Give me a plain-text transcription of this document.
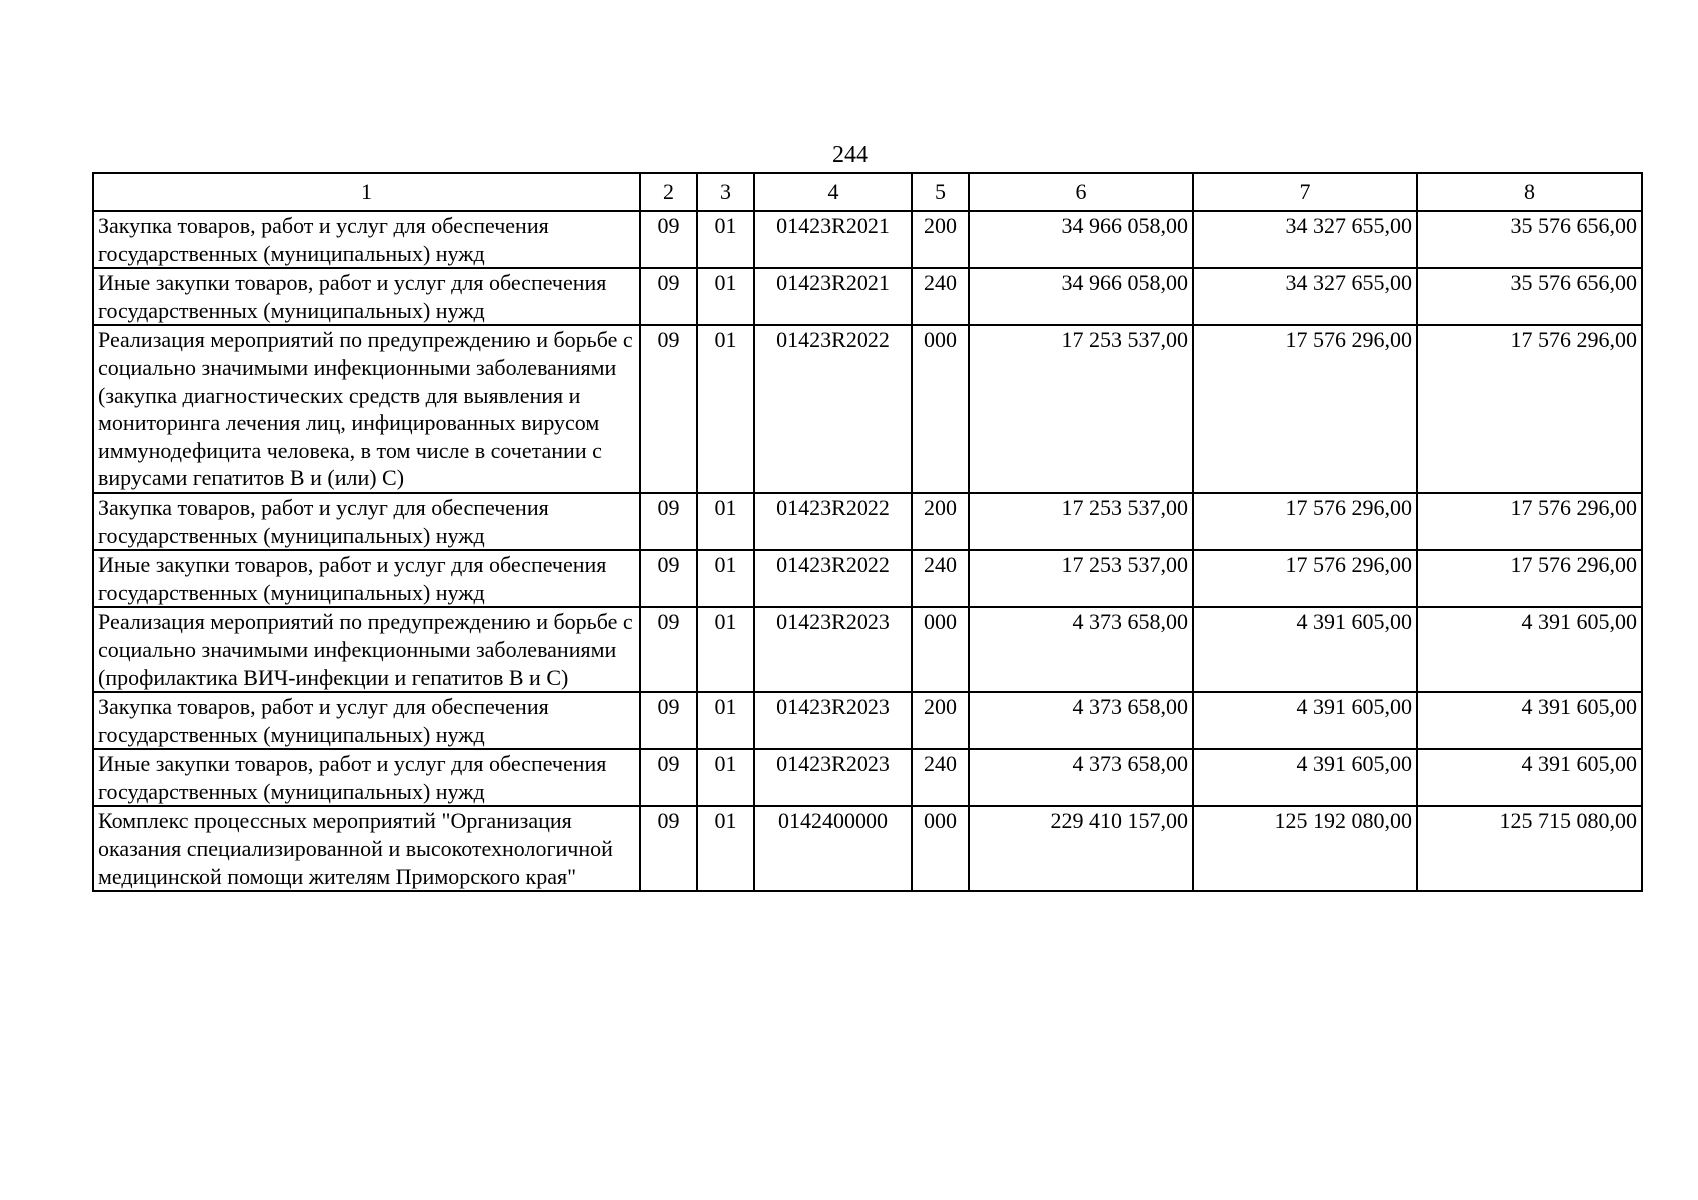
244
1	2	3	4	5	6	7	8
Закупка товаров, работ и услуг для обеспечения государственных (муниципальных) нужд	09	01	01423R2021	200	34 966 058,00	34 327 655,00	35 576 656,00
Иные закупки товаров, работ и услуг для обеспечения государственных (муниципальных) нужд	09	01	01423R2021	240	34 966 058,00	34 327 655,00	35 576 656,00
Реализация мероприятий по предупреждению и борьбе с социально значимыми инфекционными заболеваниями (закупка диагностических средств для выявления и мониторинга лечения лиц, инфицированных вирусом иммунодефицита человека, в том числе в сочетании с вирусами гепатитов B и (или) C)	09	01	01423R2022	000	17 253 537,00	17 576 296,00	17 576 296,00
Закупка товаров, работ и услуг для обеспечения государственных (муниципальных) нужд	09	01	01423R2022	200	17 253 537,00	17 576 296,00	17 576 296,00
Иные закупки товаров, работ и услуг для обеспечения государственных (муниципальных) нужд	09	01	01423R2022	240	17 253 537,00	17 576 296,00	17 576 296,00
Реализация мероприятий по предупреждению и борьбе с социально значимыми инфекционными заболеваниями (профилактика ВИЧ-инфекции и гепатитов B и C)	09	01	01423R2023	000	4 373 658,00	4 391 605,00	4 391 605,00
Закупка товаров, работ и услуг для обеспечения государственных (муниципальных) нужд	09	01	01423R2023	200	4 373 658,00	4 391 605,00	4 391 605,00
Иные закупки товаров, работ и услуг для обеспечения государственных (муниципальных) нужд	09	01	01423R2023	240	4 373 658,00	4 391 605,00	4 391 605,00
Комплекс процессных мероприятий "Организация оказания специализированной и высокотехнологичной медицинской помощи жителям Приморского края"	09	01	0142400000	000	229 410 157,00	125 192 080,00	125 715 080,00
